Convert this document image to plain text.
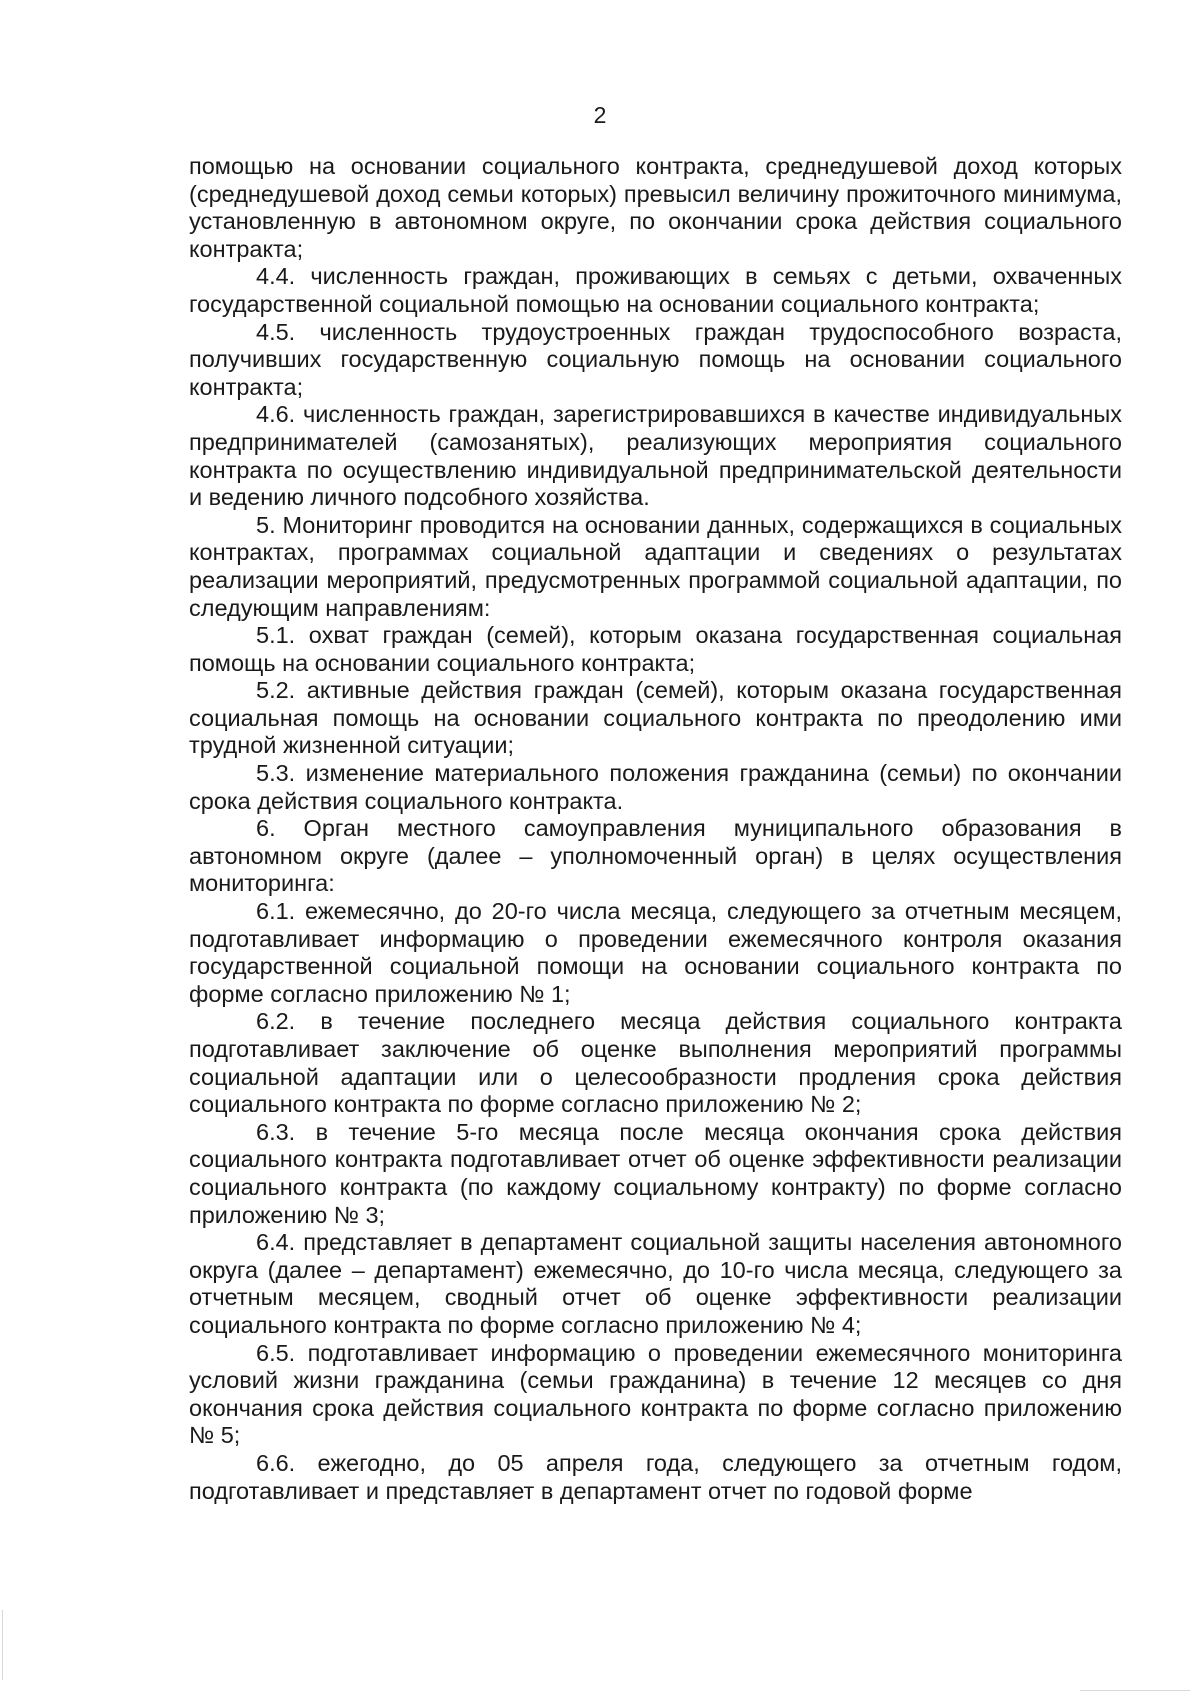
2

помощью на основании социального контракта, среднедушевой доход которых (среднедушевой доход семьи которых) превысил величину прожиточного минимума, установленную в автономном округе, по окончании срока действия социального контракта;

4.4. численность граждан, проживающих в семьях с детьми, охваченных государственной социальной помощью на основании социального контракта;

4.5. численность трудоустроенных граждан трудоспособного возраста, получивших государственную социальную помощь на основании социального контракта;

4.6. численность граждан, зарегистрировавшихся в качестве индивидуальных предпринимателей (самозанятых), реализующих мероприятия социального контракта по осуществлению индивидуальной предпринимательской деятельности и ведению личного подсобного хозяйства.

5. Мониторинг проводится на основании данных, содержащихся в социальных контрактах, программах социальной адаптации и сведениях о результатах реализации мероприятий, предусмотренных программой социальной адаптации, по следующим направлениям:

5.1. охват граждан (семей), которым оказана государственная социальная помощь на основании социального контракта;

5.2. активные действия граждан (семей), которым оказана государственная социальная помощь на основании социального контракта по преодолению ими трудной жизненной ситуации;

5.3. изменение материального положения гражданина (семьи) по окончании срока действия социального контракта.

6. Орган местного самоуправления муниципального образования в автономном округе (далее – уполномоченный орган) в целях осуществления мониторинга:

6.1. ежемесячно, до 20-го числа месяца, следующего за отчетным месяцем, подготавливает информацию о проведении ежемесячного контроля оказания государственной социальной помощи на основании социального контракта по форме согласно приложению № 1;

6.2. в течение последнего месяца действия социального контракта подготавливает заключение об оценке выполнения мероприятий программы социальной адаптации или о целесообразности продления срока действия социального контракта по форме согласно приложению № 2;

6.3. в течение 5-го месяца после месяца окончания срока действия социального контракта подготавливает отчет об оценке эффективности реализации социального контракта (по каждому социальному контракту) по форме согласно приложению № 3;

6.4. представляет в департамент социальной защиты населения автономного округа (далее – департамент) ежемесячно, до 10-го числа месяца, следующего за отчетным месяцем, сводный отчет об оценке эффективности реализации социального контракта по форме согласно приложению № 4;

6.5. подготавливает информацию о проведении ежемесячного мониторинга условий жизни гражданина (семьи гражданина) в течение 12 месяцев со дня окончания срока действия социального контракта по форме согласно приложению № 5;

6.6. ежегодно, до 05 апреля года, следующего за отчетным годом, подготавливает и представляет в департамент отчет по годовой форме
